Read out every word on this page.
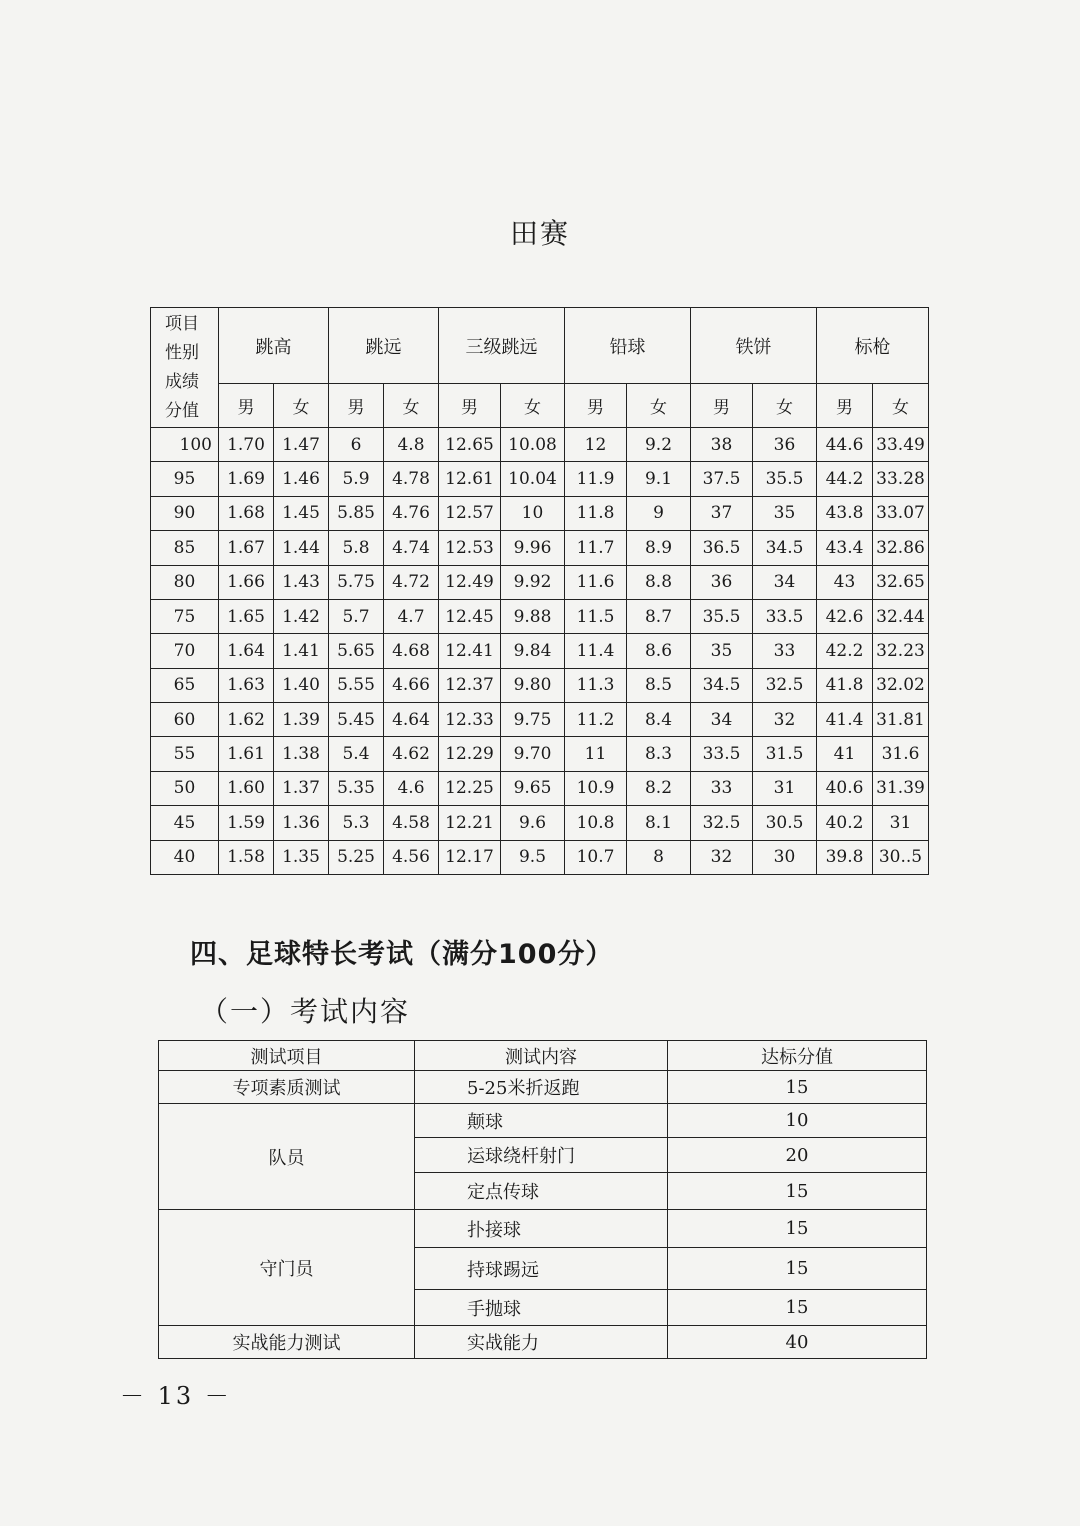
田赛
项目
性别
成绩
分值	跳高		跳远		三级跳远		铅球		铁饼		标枪	
	男	女	男	女	男	女	男	女	男	女	男	女
100	1.70	1.47	6	4.8	12.65	10.08	12	9.2	38	36	44.6	33.49
95	1.69	1.46	5.9	4.78	12.61	10.04	11.9	9.1	37.5	35.5	44.2	33.28
90	1.68	1.45	5.85	4.76	12.57	10	11.8	9	37	35	43.8	33.07
85	1.67	1.44	5.8	4.74	12.53	9.96	11.7	8.9	36.5	34.5	43.4	32.86
80	1.66	1.43	5.75	4.72	12.49	9.92	11.6	8.8	36	34	43	32.65
75	1.65	1.42	5.7	4.7	12.45	9.88	11.5	8.7	35.5	33.5	42.6	32.44
70	1.64	1.41	5.65	4.68	12.41	9.84	11.4	8.6	35	33	42.2	32.23
65	1.63	1.40	5.55	4.66	12.37	9.80	11.3	8.5	34.5	32.5	41.8	32.02
60	1.62	1.39	5.45	4.64	12.33	9.75	11.2	8.4	34	32	41.4	31.81
55	1.61	1.38	5.4	4.62	12.29	9.70	11	8.3	33.5	31.5	41	31.6
50	1.60	1.37	5.35	4.6	12.25	9.65	10.9	8.2	33	31	40.6	31.39
45	1.59	1.36	5.3	4.58	12.21	9.6	10.8	8.1	32.5	30.5	40.2	31
40	1.58	1.35	5.25	4.56	12.17	9.5	10.7	8	32	30	39.8	30..5
四、足球特长考试（满分100分）
（一）考试内容
测试项目	测试内容	达标分值
专项素质测试	5-25米折返跑	15
队员	颠球	10
	运球绕杆射门	20
	定点传球	15
守门员	扑接球	15
	持球踢远	15
	手抛球	15
实战能力测试	实战能力	40
－ 13 －
